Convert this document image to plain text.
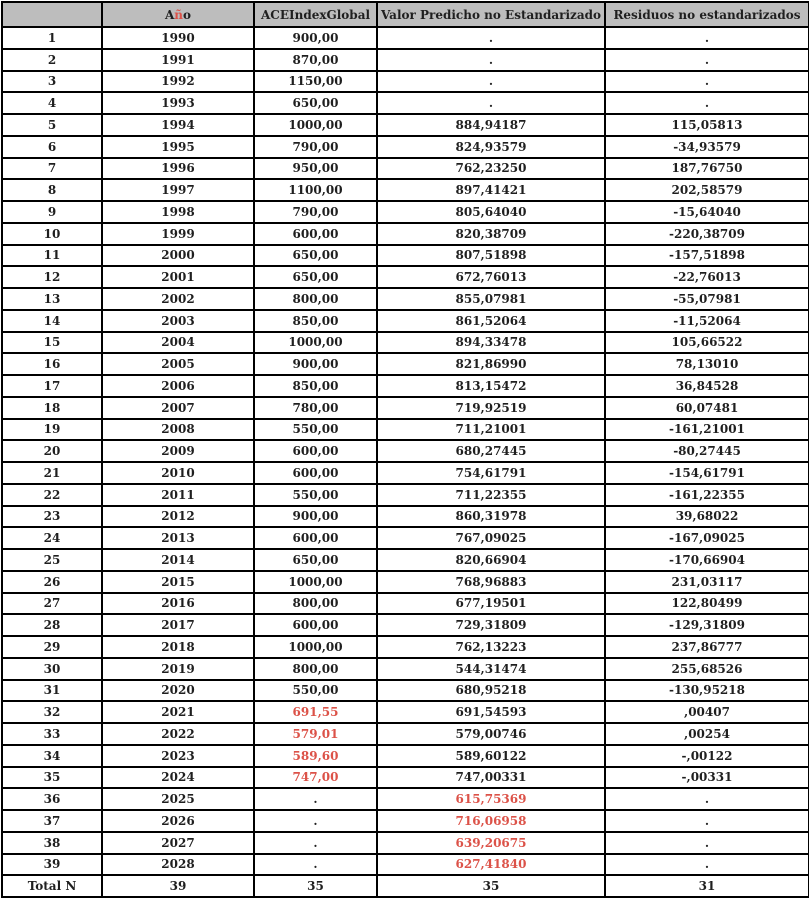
	Año	ACEIndexGlobal	Valor Predicho no Estandarizado	Residuos no estandarizados
1	1990	900,00	.	.
2	1991	870,00	.	.
3	1992	1150,00	.	.
4	1993	650,00	.	.
5	1994	1000,00	884,94187	115,05813
6	1995	790,00	824,93579	-34,93579
7	1996	950,00	762,23250	187,76750
8	1997	1100,00	897,41421	202,58579
9	1998	790,00	805,64040	-15,64040
10	1999	600,00	820,38709	-220,38709
11	2000	650,00	807,51898	-157,51898
12	2001	650,00	672,76013	-22,76013
13	2002	800,00	855,07981	-55,07981
14	2003	850,00	861,52064	-11,52064
15	2004	1000,00	894,33478	105,66522
16	2005	900,00	821,86990	78,13010
17	2006	850,00	813,15472	36,84528
18	2007	780,00	719,92519	60,07481
19	2008	550,00	711,21001	-161,21001
20	2009	600,00	680,27445	-80,27445
21	2010	600,00	754,61791	-154,61791
22	2011	550,00	711,22355	-161,22355
23	2012	900,00	860,31978	39,68022
24	2013	600,00	767,09025	-167,09025
25	2014	650,00	820,66904	-170,66904
26	2015	1000,00	768,96883	231,03117
27	2016	800,00	677,19501	122,80499
28	2017	600,00	729,31809	-129,31809
29	2018	1000,00	762,13223	237,86777
30	2019	800,00	544,31474	255,68526
31	2020	550,00	680,95218	-130,95218
32	2021	691,55	691,54593	,00407
33	2022	579,01	579,00746	,00254
34	2023	589,60	589,60122	-,00122
35	2024	747,00	747,00331	-,00331
36	2025	.	615,75369	.
37	2026	.	716,06958	.
38	2027	.	639,20675	.
39	2028	.	627,41840	.
Total N	39	35	35	31
